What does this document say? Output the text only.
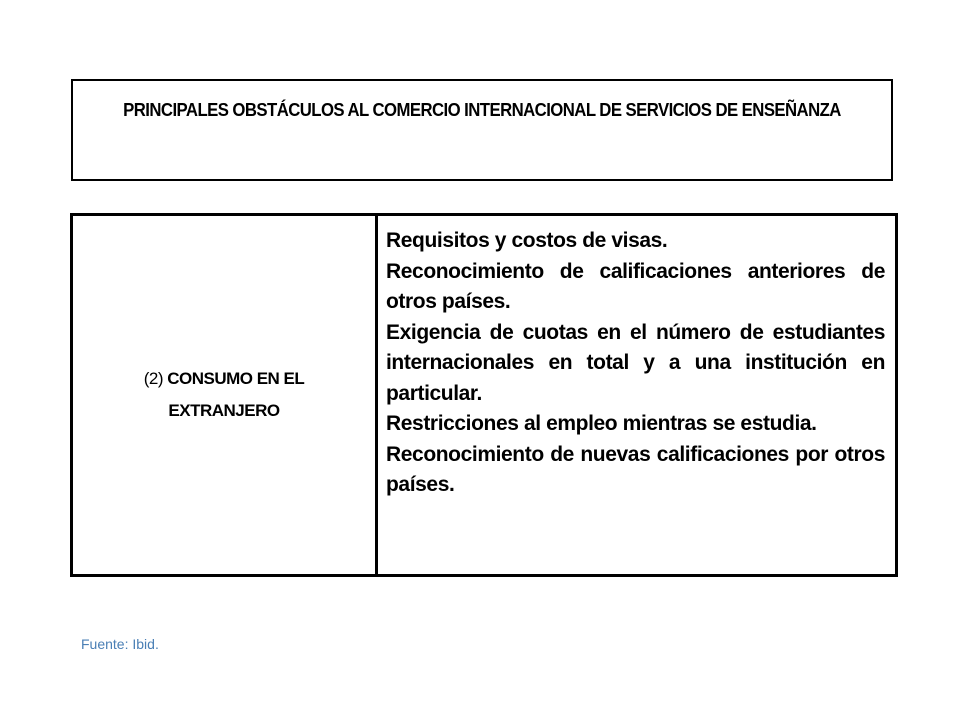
PRINCIPALES OBSTÁCULOS AL COMERCIO INTERNACIONAL DE SERVICIOS DE ENSEÑANZA

(2) CONSUMO EN EL EXTRANJERO

Requisitos y costos de visas.
Reconocimiento de calificaciones anteriores de otros países.
Exigencia de cuotas en el número de estudiantes internacionales en total y a una institución en particular.
Restricciones al empleo mientras se estudia.
Reconocimiento de nuevas calificaciones por otros países.

Fuente: Ibid.
